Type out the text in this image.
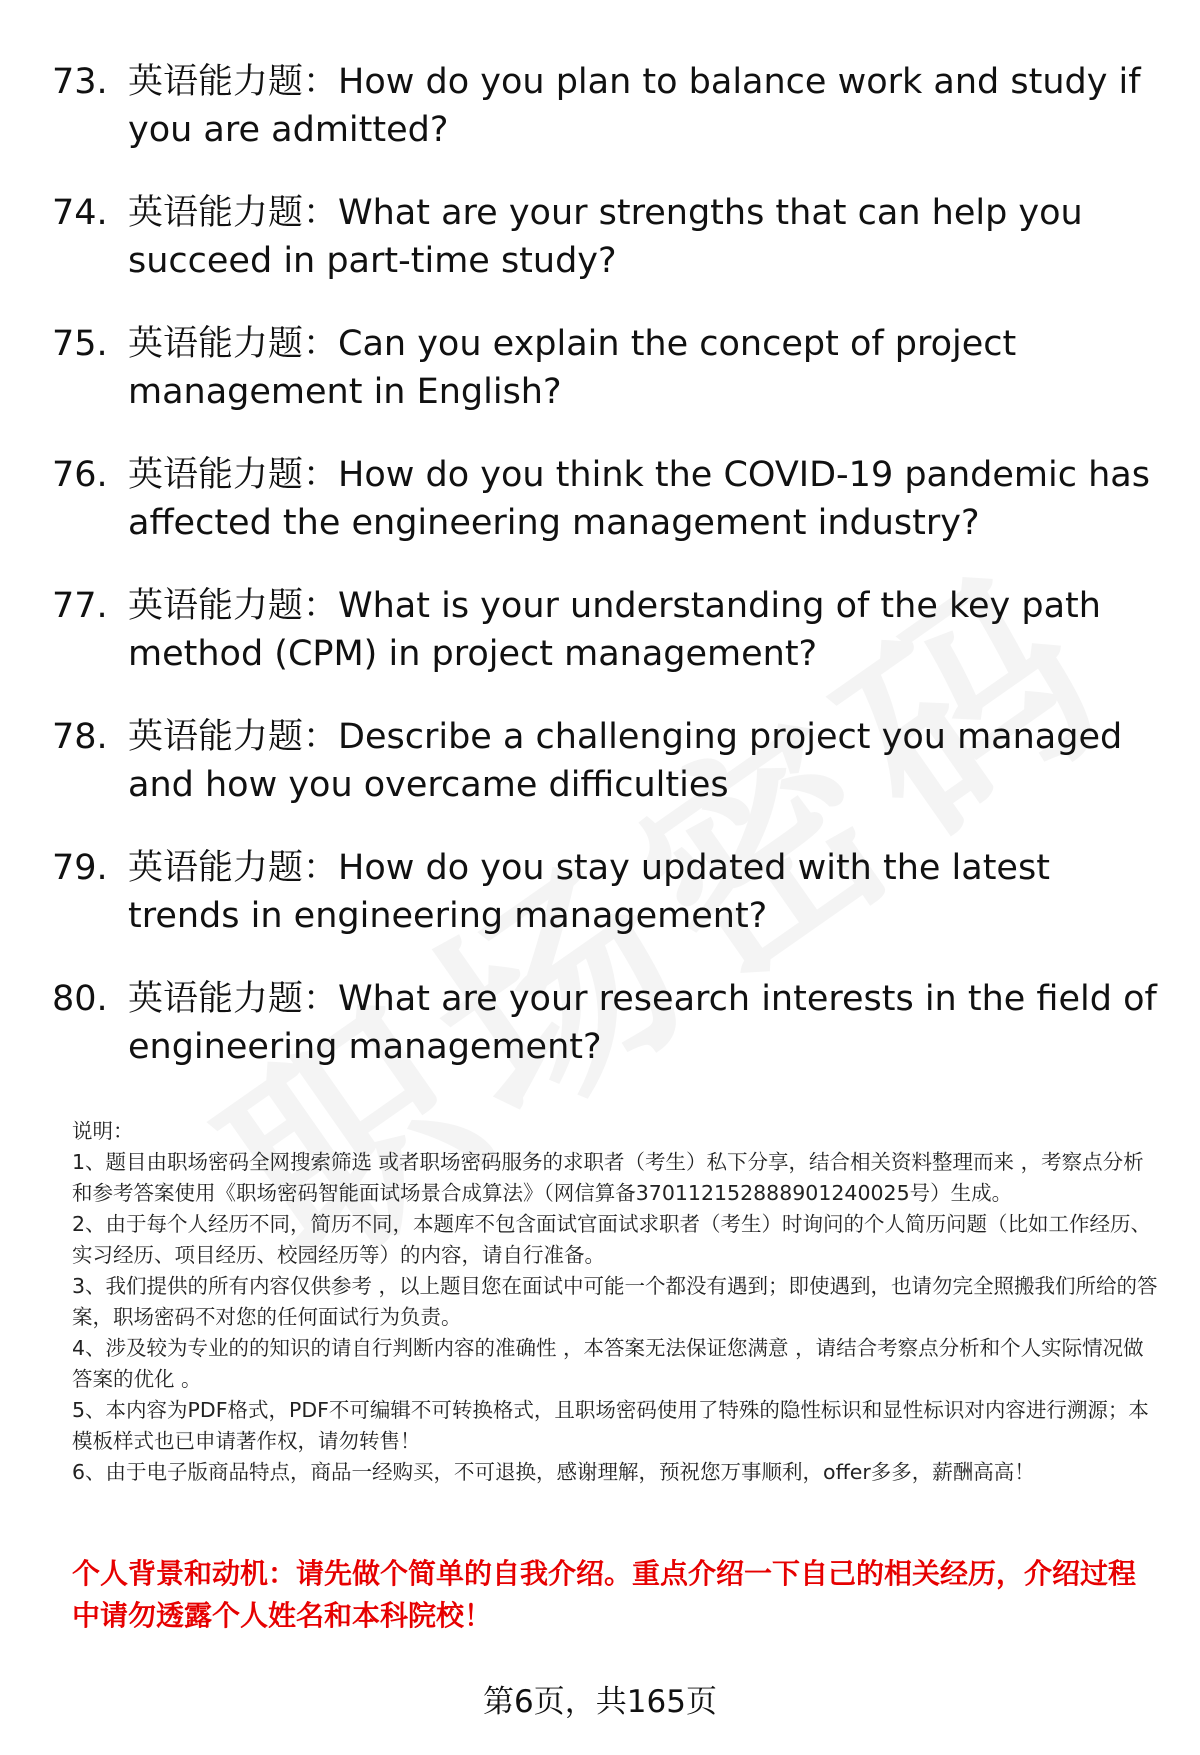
73. 英语能力题：How do you plan to balance work and study if you are admitted?
74. 英语能力题：What are your strengths that can help you succeed in part-time study?
75. 英语能力题：Can you explain the concept of project management in English?
76. 英语能力题：How do you think the COVID-19 pandemic has affected the engineering management industry?
77. 英语能力题：What is your understanding of the key path method (CPM) in project management?
78. 英语能力题：Describe a challenging project you managed and how you overcame difficulties
79. 英语能力题：How do you stay updated with the latest trends in engineering management?
80. 英语能力题：What are your research interests in the field of engineering management?

说明：

1、题目由职场密码全网搜索筛选 或者职场密码服务的求职者（考生）私下分享，结合相关资料整理而来 ，考察点分析和参考答案使用《职场密码智能面试场景合成算法》（网信算备370112152888901240025号）生成。

2、由于每个人经历不同，简历不同，本题库不包含面试官面试求职者（考生）时询问的个人简历问题（比如工作经历、实习经历、项目经历、校园经历等）的内容，请自行准备。

3、我们提供的所有内容仅供参考 ，以上题目您在面试中可能一个都没有遇到；即使遇到，也请勿完全照搬我们所给的答案，职场密码不对您的任何面试行为负责。

4、涉及较为专业的的知识的请自行判断内容的准确性 ，本答案无法保证您满意 ，请结合考察点分析和个人实际情况做答案的优化 。

5、本内容为PDF格式，PDF不可编辑不可转换格式，且职场密码使用了特殊的隐性标识和显性标识对内容进行溯源；本模板样式也已申请著作权，请勿转售！

6、由于电子版商品特点，商品一经购买，不可退换，感谢理解，预祝您万事顺利，offer多多，薪酬高高！

个人背景和动机：请先做个简单的自我介绍。重点介绍一下自己的相关经历，介绍过程中请勿透露个人姓名和本科院校！
第6页，共165页
